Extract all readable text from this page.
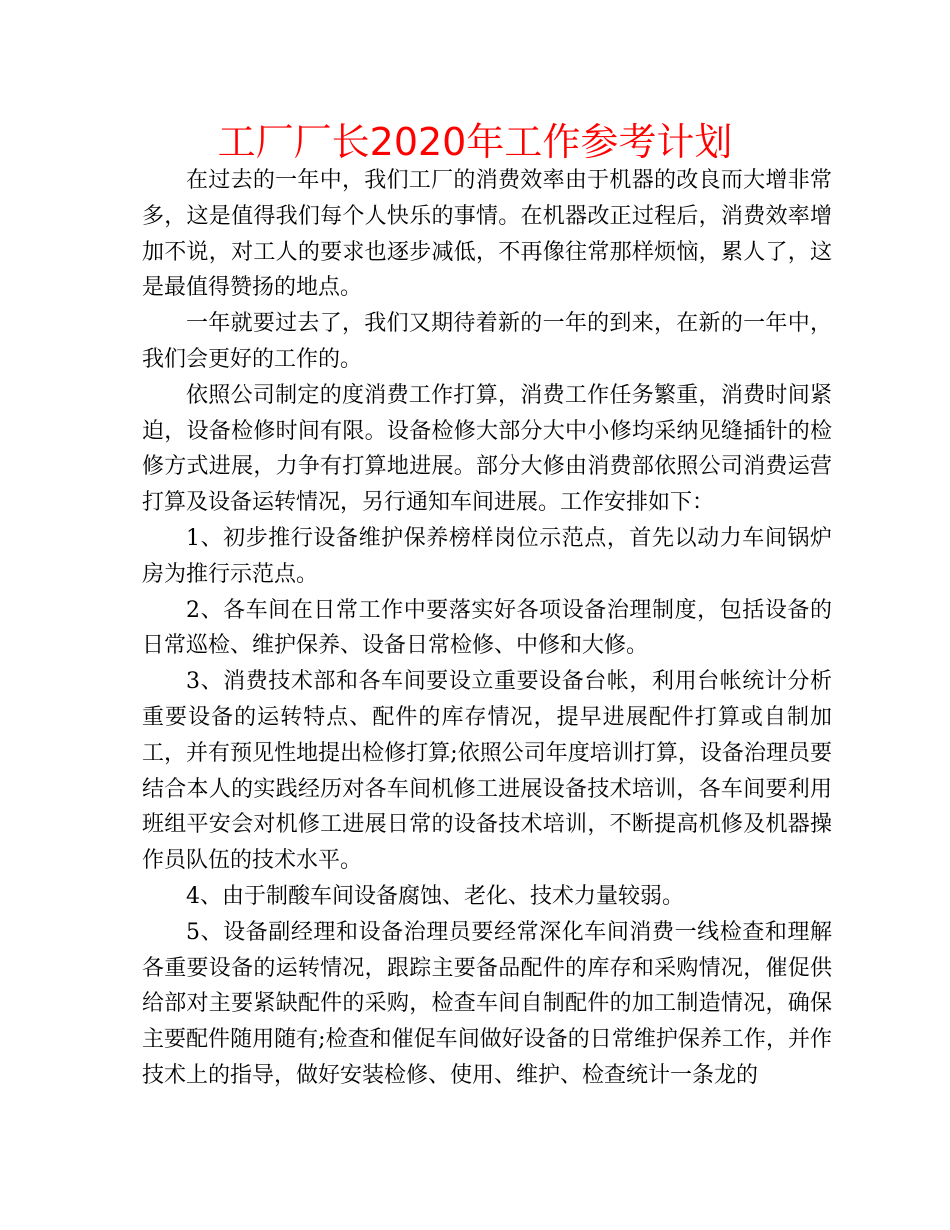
工厂厂长2020年工作参考计划

在过去的一年中，我们工厂的消费效率由于机器的改良而大增非常多，这是值得我们每个人快乐的事情。在机器改正过程后，消费效率增加不说，对工人的要求也逐步减低，不再像往常那样烦恼，累人了，这是最值得赞扬的地点。

一年就要过去了，我们又期待着新的一年的到来，在新的一年中，我们会更好的工作的。

依照公司制定的度消费工作打算，消费工作任务繁重，消费时间紧迫，设备检修时间有限。设备检修大部分大中小修均采纳见缝插针的检修方式进展，力争有打算地进展。部分大修由消费部依照公司消费运营打算及设备运转情况，另行通知车间进展。工作安排如下：

1、初步推行设备维护保养榜样岗位示范点，首先以动力车间锅炉房为推行示范点。

2、各车间在日常工作中要落实好各项设备治理制度，包括设备的日常巡检、维护保养、设备日常检修、中修和大修。

3、消费技术部和各车间要设立重要设备台帐，利用台帐统计分析重要设备的运转特点、配件的库存情况，提早进展配件打算或自制加工，并有预见性地提出检修打算;依照公司年度培训打算，设备治理员要结合本人的实践经历对各车间机修工进展设备技术培训，各车间要利用班组平安会对机修工进展日常的设备技术培训，不断提高机修及机器操作员队伍的技术水平。

4、由于制酸车间设备腐蚀、老化、技术力量较弱。

5、设备副经理和设备治理员要经常深化车间消费一线检查和理解各重要设备的运转情况，跟踪主要备品配件的库存和采购情况，催促供给部对主要紧缺配件的采购，检查车间自制配件的加工制造情况，确保主要配件随用随有;检查和催促车间做好设备的日常维护保养工作，并作技术上的指导，做好安装检修、使用、维护、检查统计一条龙的
